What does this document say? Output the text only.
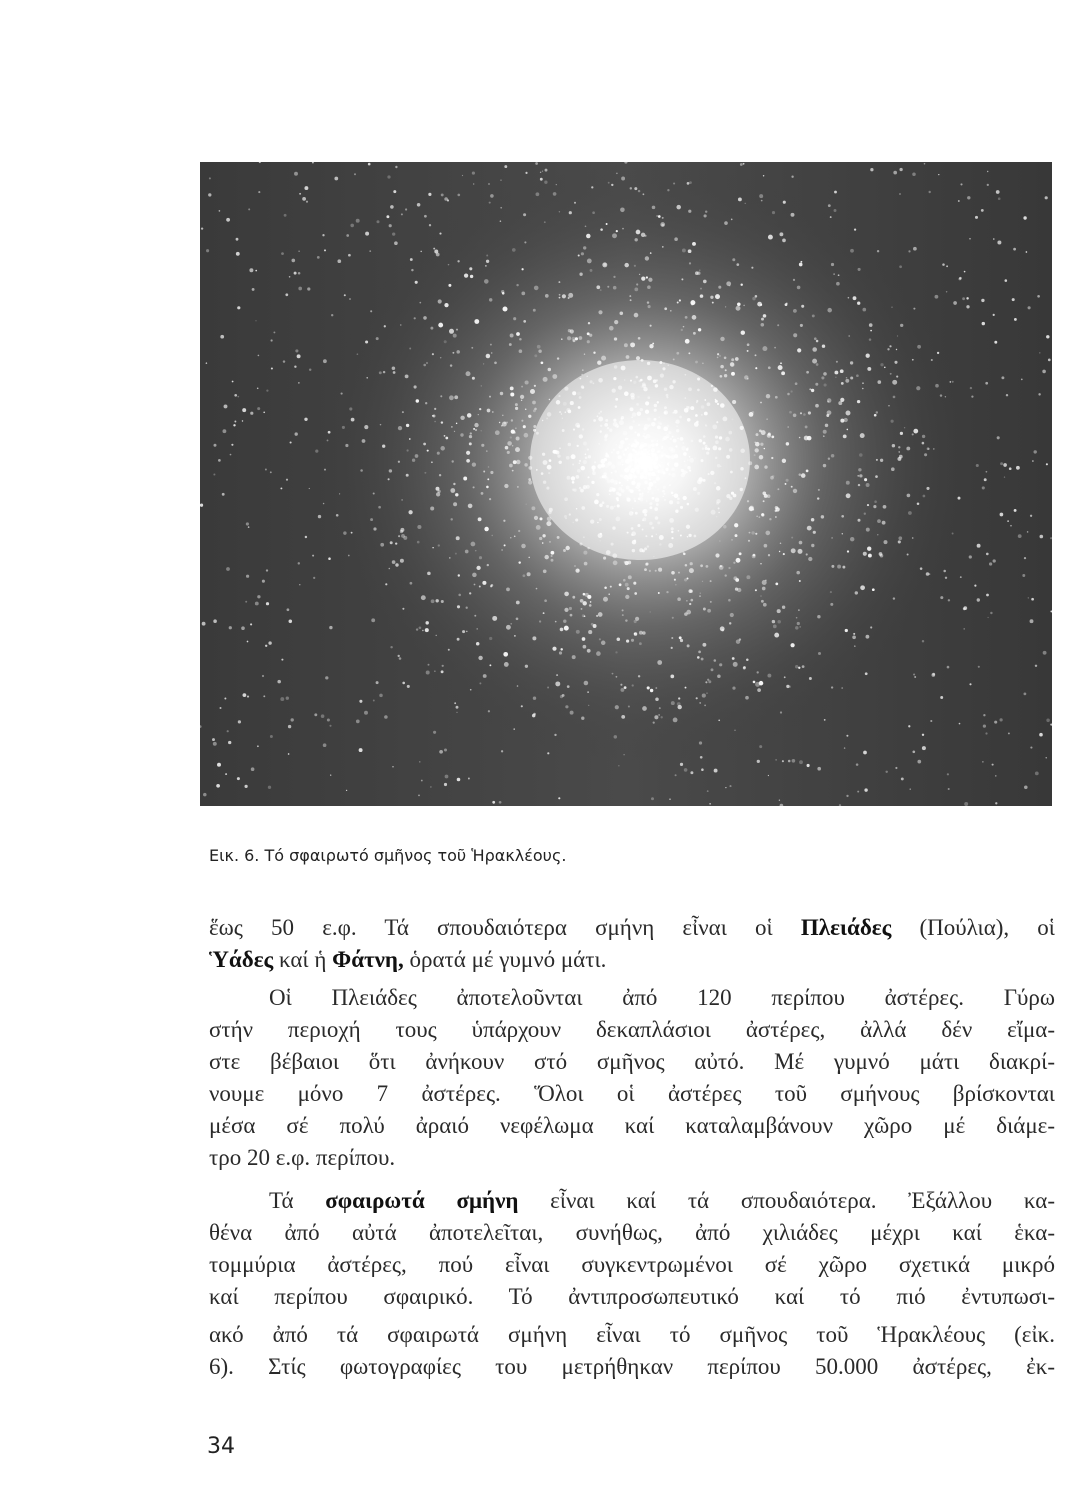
Εικ. 6. Τό σφαιρωτό σμῆνος τοῦ Ἡρακλέους.
ἕως 50 ε.φ. Τά σπουδαιότερα σμήνη εἶναι οἱ Πλειάδες (Πούλια), οἱ
Ὑάδες καί ἡ Φάτνη, ὁρατά μέ γυμνό μάτι.
Οἱ Πλειάδες ἀποτελοῦνται ἀπό 120 περίπου ἀστέρες. Γύρω
στήν περιοχή τους ὑπάρχουν δεκαπλάσιοι ἀστέρες, ἀλλά δέν εἴμα-
στε βέβαιοι ὅτι ἀνήκουν στό σμῆνος αὐτό. Μέ γυμνό μάτι διακρί-
νουμε μόνο 7 ἀστέρες. Ὅλοι οἱ ἀστέρες τοῦ σμήνους βρίσκονται
μέσα σέ πολύ ἀραιό νεφέλωμα καί καταλαμβάνουν χῶρο μέ διάμε-
τρο 20 ε.φ. περίπου.
Τά σφαιρωτά σμήνη εἶναι καί τά σπουδαιότερα. Ἐξάλλου κα-
θένα ἀπό αὐτά ἀποτελεῖται, συνήθως, ἀπό χιλιάδες μέχρι καί ἑκα-
τομμύρια ἀστέρες, πού εἶναι συγκεντρωμένοι σέ χῶρο σχετικά μικρό
καί περίπου σφαιρικό. Τό ἀντιπροσωπευτικό καί τό πιό ἐντυπωσι-
ακό ἀπό τά σφαιρωτά σμήνη εἶναι τό σμῆνος τοῦ Ἡρακλέους (εἰκ.
6). Στίς φωτογραφίες του μετρήθηκαν περίπου 50.000 ἀστέρες, ἐκ-
34
